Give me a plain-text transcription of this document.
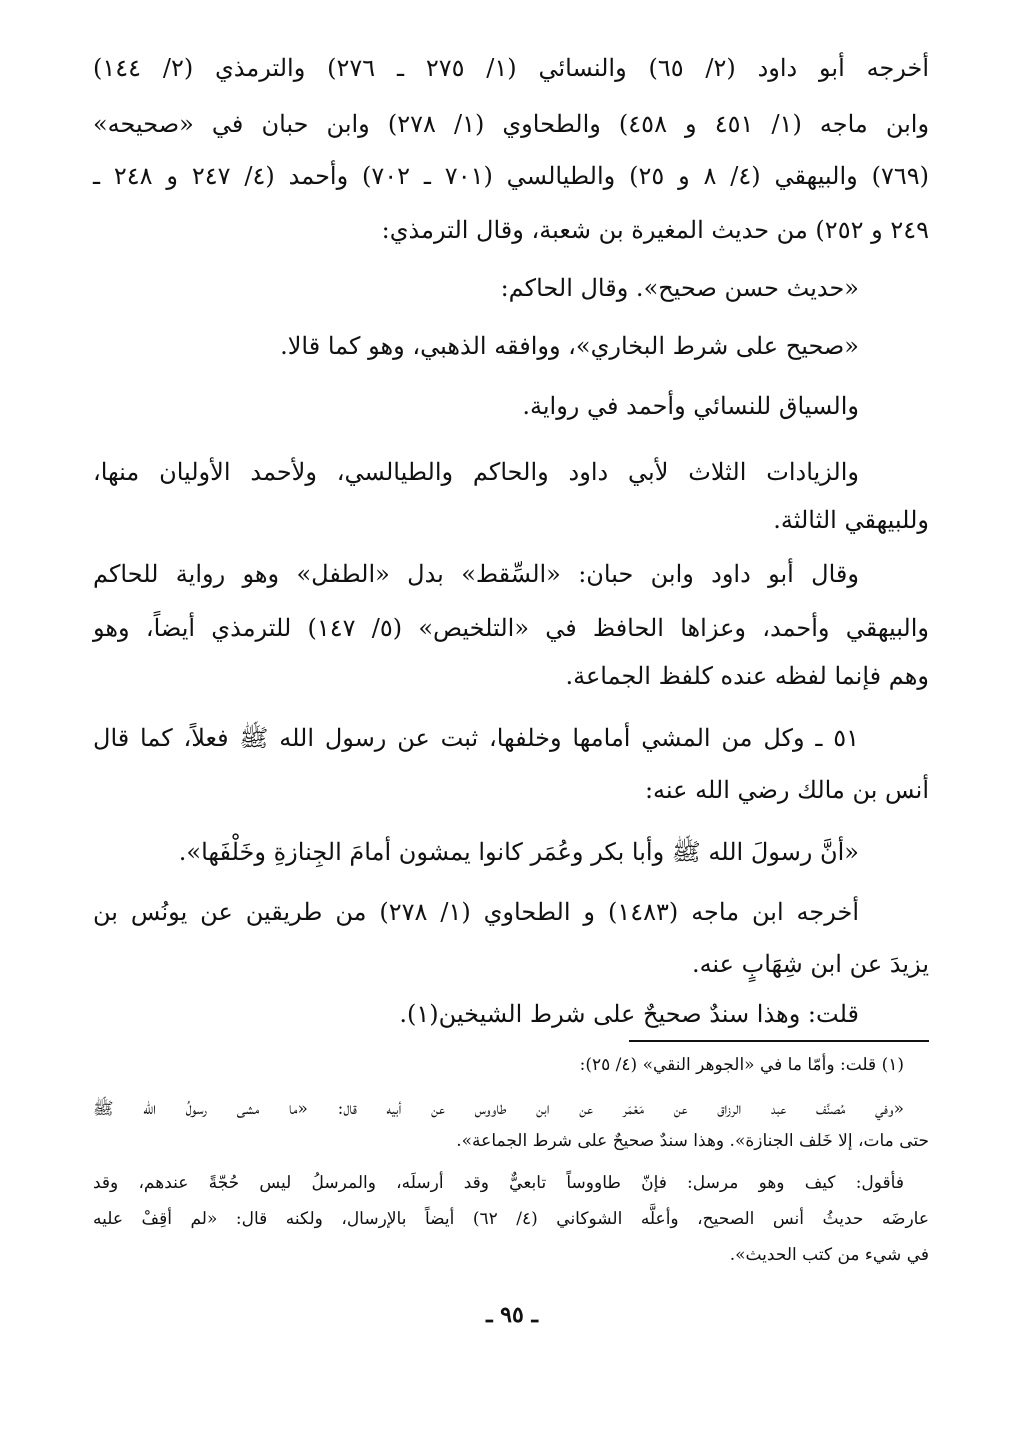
أخرجه أبو داود (٢/ ٦٥) والنسائي (١/ ٢٧٥ ـ ٢٧٦) والترمذي (٢/ ١٤٤)
وابن ماجه (١/ ٤٥١ و ٤٥٨) والطحاوي (١/ ٢٧٨) وابن حبان في «صحيحه»
(٧٦٩) والبيهقي (٤/ ٨ و ٢٥) والطيالسي (٧٠١ ـ ٧٠٢) وأحمد (٤/ ٢٤٧ و ٢٤٨ ـ
٢٤٩ و ٢٥٢) من حديث المغيرة بن شعبة، وقال الترمذي:
«حديث حسن صحيح». وقال الحاكم:
«صحيح على شرط البخاري»، ووافقه الذهبي، وهو كما قالا.
والسياق للنسائي وأحمد في رواية.
والزيادات الثلاث لأبي داود والحاكم والطيالسي، ولأحمد الأوليان منها،
وللبيهقي الثالثة.
وقال أبو داود وابن حبان: «السِّقط» بدل «الطفل» وهو رواية للحاكم
والبيهقي وأحمد، وعزاها الحافظ في «التلخيص» (٥/ ١٤٧) للترمذي أيضاً، وهو
وهم فإنما لفظه عنده كلفظ الجماعة.
٥١ ـ وكل من المشي أمامها وخلفها، ثبت عن رسول الله ﷺ فعلاً، كما قال
أنس بن مالك رضي الله عنه:
«أنَّ رسولَ الله ﷺ وأبا بكر وعُمَر كانوا يمشون أمامَ الجِنازةِ وخَلْفَها».
أخرجه ابن ماجه (١٤٨٣) و الطحاوي (١/ ٢٧٨) من طريقين عن يونُس بن
يزيدَ عن ابن شِهَابٍ عنه.
قلت: وهذا سندٌ صحيحٌ على شرط الشيخين(١).
(١) قلت: وأمّا ما في «الجوهر النقي» (٤/ ٢٥):
«وفي مُصنَّف عبد الرزاق عن مَعْمَر عن ابن طاووس عن أبيه قال: «ما مشى رسولُ الله ﷺ
حتى مات، إلا خَلف الجنازة». وهذا سندٌ صحيحٌ على شرط الجماعة».
فأقول: كيف وهو مرسل: فإنّ طاووساً تابعيٌّ وقد أرسلَه، والمرسلُ ليس حُجّةً عندهم، وقد
عارضَه حديثُ أنس الصحيح، وأعلَّه الشوكاني (٤/ ٦٢) أيضاً بالإرسال، ولكنه قال: «لم أقِفْ عليه
في شيء من كتب الحديث».
ـ ٩٥ ـ
